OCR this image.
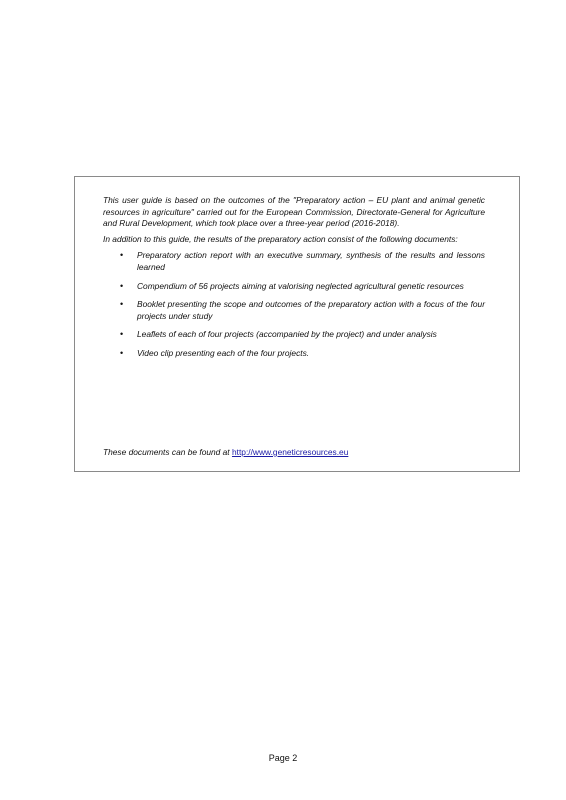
This user guide is based on the outcomes of the "Preparatory action – EU plant and animal genetic resources in agriculture" carried out for the European Commission, Directorate-General for Agriculture and Rural Development, which took place over a three-year period (2016-2018).

In addition to this guide, the results of the preparatory action consist of the following documents:

• Preparatory action report with an executive summary, synthesis of the results and lessons learned
• Compendium of 56 projects aiming at valorising neglected agricultural genetic resources
• Booklet presenting the scope and outcomes of the preparatory action with a focus of the four projects under study
• Leaflets of each of four projects (accompanied by the project) and under analysis
• Video clip presenting each of the four projects.

These documents can be found at http://www.geneticresources.eu

Page 2
